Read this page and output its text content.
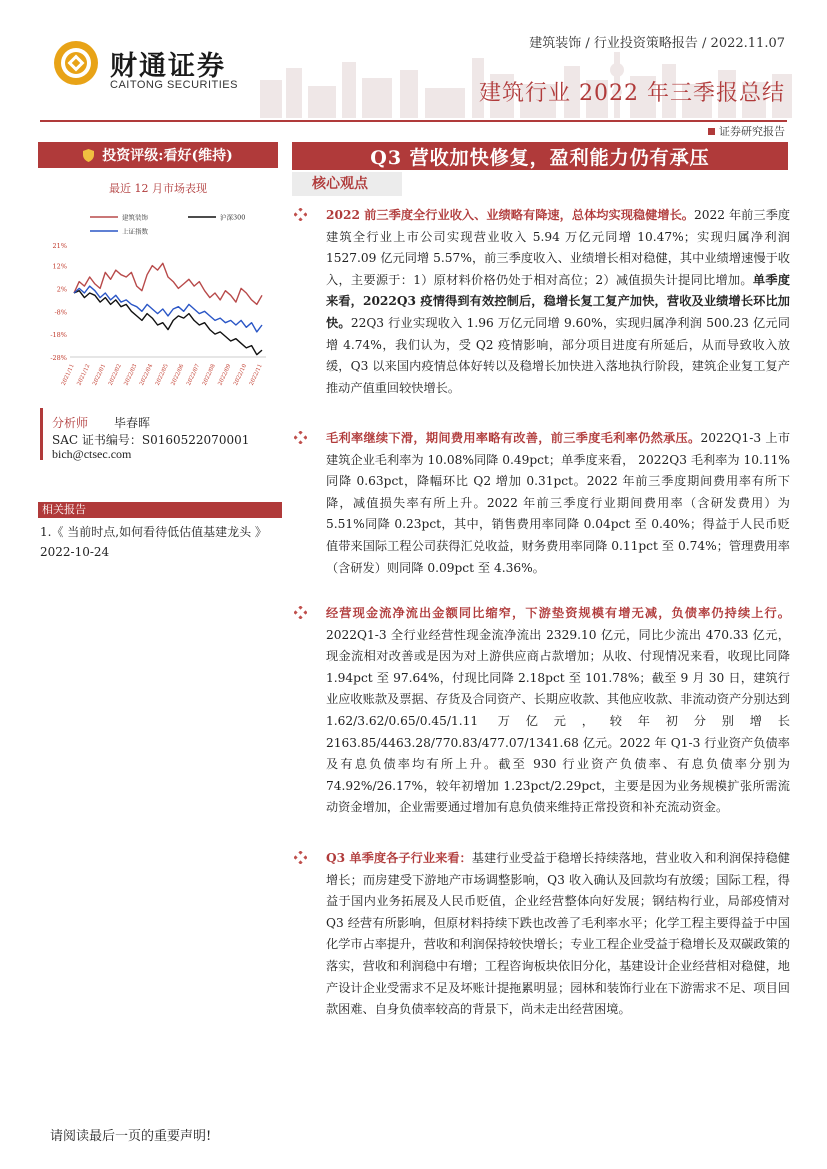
财通证券
CAITONG SECURITIES
建筑装饰 / 行业投资策略报告 / 2022.11.07
建筑行业 2022 年三季报总结
证券研究报告
投资评级:看好(维持)
最近 12 月市场表现
建筑装饰	沪深300
上证指数
21%
12%
2%
-8%
-18%
-28%
2021/11 2021/12 2022/01 2022/02 2022/03 2022/04 2022/05 2022/06 2022/07 2022/08 2022/09 2022/10 2022/11
分析师 毕春晖
SAC 证书编号：S0160522070001
bich@ctsec.com
相关报告
1.《 当前时点,如何看待低估值基建龙头 》 2022-10-24
Q3 营收加快修复，盈利能力仍有承压
核心观点
2022 前三季度全行业收入、业绩略有降速，总体均实现稳健增长。2022 年前三季度建筑全行业上市公司实现营业收入 5.94 万亿元同增 10.47%；实现归属净利润 1527.09 亿元同增 5.57%，前三季度收入、业绩增长相对稳健，其中业绩增速慢于收入，主要源于：1）原材料价格仍处于相对高位；2）减值损失计提同比增加。单季度来看，2022Q3 疫情得到有效控制后，稳增长复工复产加快，营收及业绩增长环比加快。22Q3 行业实现收入 1.96 万亿元同增 9.60%，实现归属净利润 500.23 亿元同增 4.74%，我们认为，受 Q2 疫情影响，部分项目进度有所延后，从而导致收入放缓，Q3 以来国内疫情总体好转以及稳增长加快进入落地执行阶段，建筑企业复工复产推动产值重回较快增长。
毛利率继续下滑，期间费用率略有改善，前三季度毛利率仍然承压。2022Q1-3 上市建筑企业毛利率为 10.08%同降 0.49pct；单季度来看， 2022Q3 毛利率为 10.11%同降 0.63pct，降幅环比 Q2 增加 0.31pct。2022 年前三季度期间费用率有所下降，减值损失率有所上升。2022 年前三季度行业期间费用率（含研发费用）为 5.51%同降 0.23pct，其中，销售费用率同降 0.04pct 至 0.40%；得益于人民币贬值带来国际工程公司获得汇兑收益，财务费用率同降 0.11pct 至 0.74%；管理费用率（含研发）则同降 0.09pct 至 4.36%。
经营现金流净流出金额同比缩窄，下游垫资规模有增无减，负债率仍持续上行。2022Q1-3 全行业经营性现金流净流出 2329.10 亿元，同比少流出 470.33 亿元，现金流相对改善或是因为对上游供应商占款增加；从收、付现情况来看，收现比同降 1.94pct 至 97.64%，付现比同降 2.18pct 至 101.78%；截至 9 月 30 日，建筑行业应收账款及票据、存货及合同资产、长期应收款、其他应收款、非流动资产分别达到 1.62/3.62/0.65/0.45/1.11 万亿元，较年初分别增长 2163.85/4463.28/770.83/477.07/1341.68 亿元。2022 年 Q1-3 行业资产负债率及有息负债率均有所上升。截至 930 行业资产负债率、有息负债率分别为 74.92%/26.17%，较年初增加 1.23pct/2.29pct，主要是因为业务规模扩张所需流动资金增加，企业需要通过增加有息负债来维持正常投资和补充流动资金。
Q3 单季度各子行业来看：基建行业受益于稳增长持续落地，营业收入和利润保持稳健增长；而房建受下游地产市场调整影响，Q3 收入确认及回款均有放缓；国际工程，得益于国内业务拓展及人民币贬值，企业经营整体向好发展；钢结构行业，局部疫情对 Q3 经营有所影响，但原材料持续下跌也改善了毛利率水平；化学工程主要得益于中国化学市占率提升，营收和利润保持较快增长；专业工程企业受益于稳增长及双碳政策的落实，营收和利润稳中有增；工程咨询板块依旧分化，基建设计企业经营相对稳健，地产设计企业受需求不足及坏账计提拖累明显；园林和装饰行业在下游需求不足、项目回款困难、自身负债率较高的背景下，尚未走出经营困境。
请阅读最后一页的重要声明!
